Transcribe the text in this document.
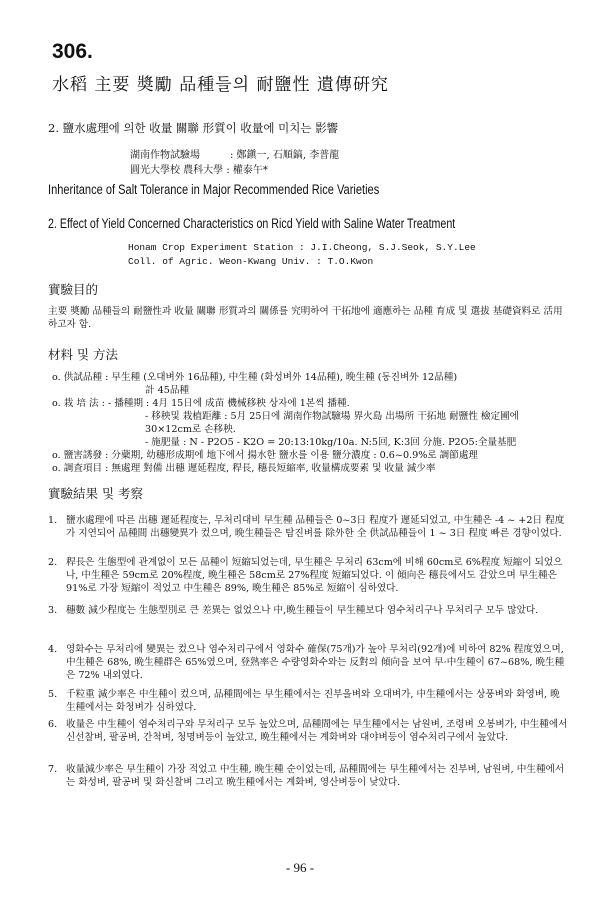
306.
水稻 主要 奬勵 品種들의 耐鹽性 遺傳硏究
2. 鹽水處理에 의한 收量 關聯 形質이 收量에 미치는 影響
湖南作物試驗場　　　: 鄭鎭一, 石順鎬, 李普龍
圓光大學校 農科大學 : 權泰午*
Inheritance of Salt Tolerance in Major Recommended Rice Varieties
2. Effect of Yield Concerned Characteristics on Ricd Yield with Saline Water Treatment
Honam Crop Experiment Station : J.I.Cheong, S.J.Seok, S.Y.Lee
Coll. of Agric. Weon-Kwang Univ. : T.O.Kwon
實驗目的
主要 奬勵 品種들의 耐鹽性과 收量 關聯 形質과의 關係를 究明하여 干拓地에 適應하는 品種 育成 및 選拔 基礎資料로 活用하고자 함.
材料 및 方法
o. 供試品種 : 早生種 (오대벼外 16品種), 中生種 (화성벼外 14品種), 晩生種 (동진벼外 12品種)
計 45品種
o. 栽 培 法 : - 播種期 : 4月 15日에 成苗 機械移秧 상자에 1본씩 播種.
- 移秧및 栽植距離 : 5月 25日에 湖南作物試驗場 界火島 出場所 干拓地 耐鹽性 檢定圃에
30×12cm로 손移秧.
- 施肥量 : N - P2O5 - K2O = 20:13:10kg/10a. N:5回, K:3回 分施. P2O5:全量基肥
o. 鹽害誘發 : 分蘗期, 幼穗形成期에 地下에서 揚水한 鹽水를 이용 鹽分濃度 : 0.6~0.9%로 調節處理
o. 調査項目 : 無處理 對備 出穗 遲延程度, 稈長, 穗長短縮率, 收量構成要素 및 收量 減少率
實驗結果 및 考察
1. 鹽水處理에 따른 出穗 遲延程度는, 무처리대비 早生種 品種들은 0~3日 程度가 遲延되었고, 中生種은 -4 ~ +2日 程度가 지연되어 品種間 出穗變異가 컸으며, 晩生種들은 탐진벼를 除外한 全 供試品種들이 1 ~ 3日 程度 빠른 경향이었다.
2. 稈長은 生態型에 관계없이 모든 品種이 短縮되었는데, 早生種은 무처리 63cm에 비해 60cm로 6%程度 短縮이 되었으나, 中生種은 59cm로 20%程度, 晩生種은 58cm로 27%程度 短縮되었다. 이 傾向은 穗長에서도 같았으며 早生種은 91%로 가장 短縮이 적었고 中生種은 89%, 晩生種은 85%로 短縮이 심하였다.
3. 穗數 減少程度는 生態型別로 큰 差異는 없었으나 中,晩生種들이 早生種보다 염수처리구나 무처리구 모두 많았다.
4. 영화수는 무처리에 變異는 컸으나 염수처리구에서 영화수 確保(75개)가 높아 무처리(92개)에 비하여 82% 程度였으며, 中生種은 68%, 晩生種群은 65%였으며, 登熟率은 수량영화수와는 反對의 傾向을 보여 早·中生種이 67~68%, 晩生種은 72% 내외였다.
5. 千粒重 減少率은 中生種이 컸으며, 品種間에는 早生種에서는 진부올벼와 오대벼가, 中生種에서는 상풍벼와 화영벼, 晩生種에서는 화청벼가 심하였다.
6. 收量은 中生種이 염수처리구와 무처리구 모두 높았으며, 品種間에는 早生種에서는 남원벼, 조령벼 오봉벼가, 中生種에서 신선찰벼, 팔공벼, 간척벼, 청명벼등이 높았고, 晩生種에서는 계화벼와 대야벼등이 염수처리구에서 높았다.
7. 收量減少率은 早生種이 가장 적었고 中生種, 晩生種 순이었는데, 品種間에는 早生種에서는 진부벼, 남원벼, 中生種에서는 화성벼, 팔공벼 및 화신찰벼 그리고 晩生種에서는 계화벼, 영산벼등이 낮았다.
- 96 -
